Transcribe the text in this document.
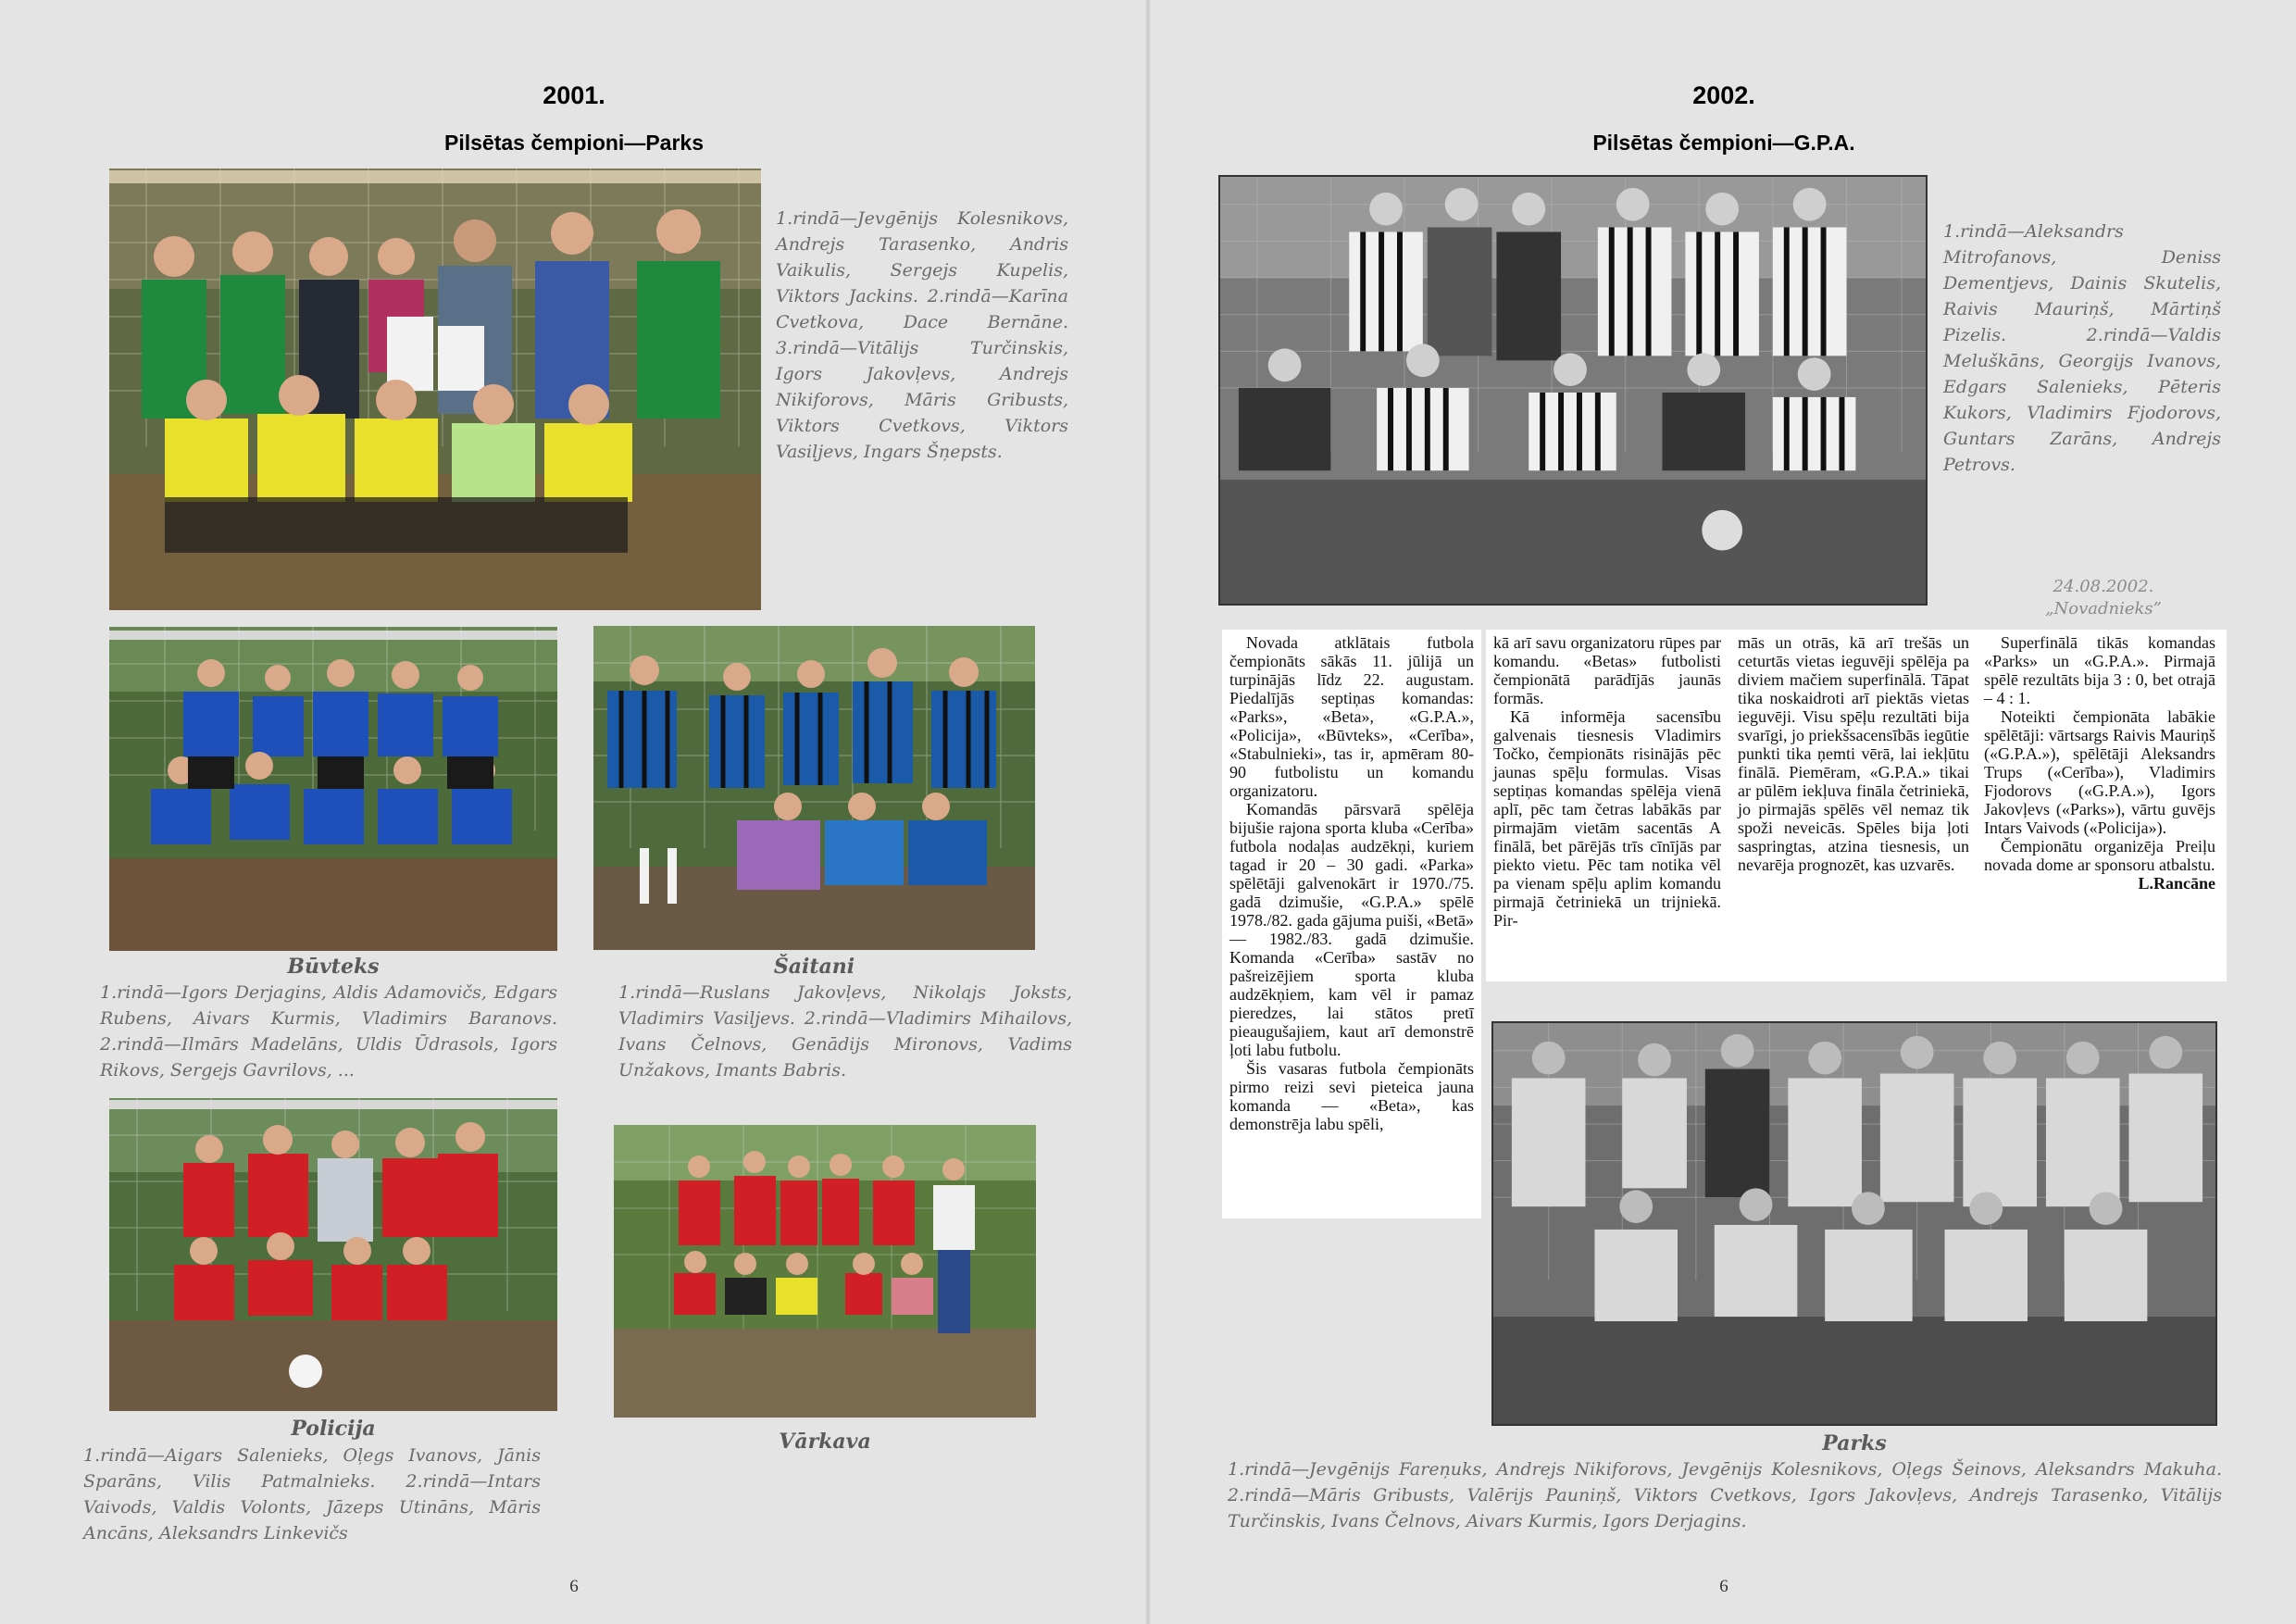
2001.
Pilsētas čempioni—Parks
1.rindā—Jevgēnijs Kolesnikovs, Andrejs Tarasenko, Andris Vaikulis, Sergejs Kupelis, Viktors Jackins. 2.rindā—Karīna Cvetkova, Dace Bernāne. 3.rindā—Vitālijs Turčinskis, Igors Jakovļevs, Andrejs Nikiforovs, Māris Gribusts, Viktors Cvetkovs, Viktors Vasiļjevs, Ingars Šņepsts.
Būvteks
1.rindā—Igors Derjagins, Aldis Adamovičs, Edgars Rubens, Aivars Kurmis, Vladimirs Baranovs. 2.rindā—Ilmārs Madelāns, Uldis Ūdrasols, Igors Rikovs, Sergejs Gavrilovs, ...
Šaitani
1.rindā—Ruslans Jakovļevs, Nikolajs Joksts, Vladimirs Vasiļjevs. 2.rindā—Vladimirs Mihailovs, Ivans Čelnovs, Genādijs Mironovs, Vadims Unžakovs, Imants Babris.
Policija
1.rindā—Aigars Salenieks, Oļegs Ivanovs, Jānis Sparāns, Vilis Patmalnieks. 2.rindā—Intars Vaivods, Valdis Volonts, Jāzeps Utināns, Māris Ancāns, Aleksandrs Linkevičs
Vārkava
6
2002.
Pilsētas čempioni—G.P.A.
1.rindā—Aleksandrs Mitrofanovs, Deniss Dementjevs, Dainis Skutelis, Raivis Mauriņš, Mārtiņš Pizelis. 2.rindā—Valdis Meluškāns, Georgijs Ivanovs, Edgars Salenieks, Pēteris Kukors, Vladimirs Fjodorovs, Guntars Zarāns, Andrejs Petrovs.
24.08.2002.
„Novadnieks”

Novada atklātais futbola čempionāts sākās 11. jūlijā un turpinājās līdz 22. augustam. Piedalījās septiņas komandas: «Parks», «Beta», «G.P.A.», «Policija», «Būvteks», «Cerība», «Stabulnieki», tas ir, apmēram 80-90 futbolistu un komandu organizatoru.

Komandās pārsvarā spēlēja bijušie rajona sporta kluba «Cerība» futbola nodaļas audzēkņi, kuriem tagad ir 20 – 30 gadi. «Parka» spēlētāji galvenokārt ir 1970./75. gadā dzimušie, «G.P.A.» spēlē 1978./82. gada gājuma puiši, «Betā» — 1982./83. gadā dzimušie. Komanda «Cerība» sastāv no pašreizējiem sporta kluba audzēkņiem, kam vēl ir pamaz pieredzes, lai stātos pretī pieaugušajiem, kaut arī demonstrē ļoti labu futbolu.

Šis vasaras futbola čempionāts pirmo reizi sevi pieteica jauna komanda — «Beta», kas demonstrēja labu spēli,

kā arī savu organizatoru rūpes par komandu. «Betas» futbolisti čempionātā parādījās jaunās formās.

Kā informēja sacensību galvenais tiesnesis Vladimirs Točko, čempionāts risinājās pēc jaunas spēļu formulas. Visas septiņas komandas spēlēja vienā aplī, pēc tam četras labākās par pirmajām vietām sacentās A finālā, bet pārējās trīs cīnījās par piekto vietu. Pēc tam notika vēl pa vienam spēļu aplim komandu pirmajā četriniekā un trijniekā. Pir-

mās un otrās, kā arī trešās un ceturtās vietas ieguvēji spēlēja pa diviem mačiem superfinālā. Tāpat tika noskaidroti arī piektās vietas ieguvēji. Visu spēļu rezultāti bija svarīgi, jo priekšsacensībās iegūtie punkti tika ņemti vērā, lai iekļūtu finālā. Piemēram, «G.P.A.» tikai ar pūlēm iekļuva fināla četriniekā, jo pirmajās spēlēs vēl nemaz tik spoži neveicās. Spēles bija ļoti saspringtas, atzina tiesnesis, un nevarēja prognozēt, kas uzvarēs.

Superfinālā tikās komandas «Parks» un «G.P.A.». Pirmajā spēlē rezultāts bija 3 : 0, bet otrajā – 4 : 1.

Noteikti čempionāta labākie spēlētāji: vārtsargs Raivis Mauriņš («G.P.A.»), spēlētāji Aleksandrs Trups («Cerība»), Vladimirs Fjodorovs («G.P.A.»), Igors Jakovļevs («Parks»), vārtu guvējs Intars Vaivods («Policija»).

Čempionātu organizēja Preiļu novada dome ar sponsoru atbalstu.

L.Rancāne

Parks
1.rindā—Jevgēnijs Fareņuks, Andrejs Nikiforovs, Jevgēnijs Kolesnikovs, Oļegs Šeinovs, Aleksandrs Makuha. 2.rindā—Māris Gribusts, Valērijs Pauniņš, Viktors Cvetkovs, Igors Jakovļevs, Andrejs Tarasenko, Vitālijs Turčinskis, Ivans Čelnovs, Aivars Kurmis, Igors Derjagins.
6
